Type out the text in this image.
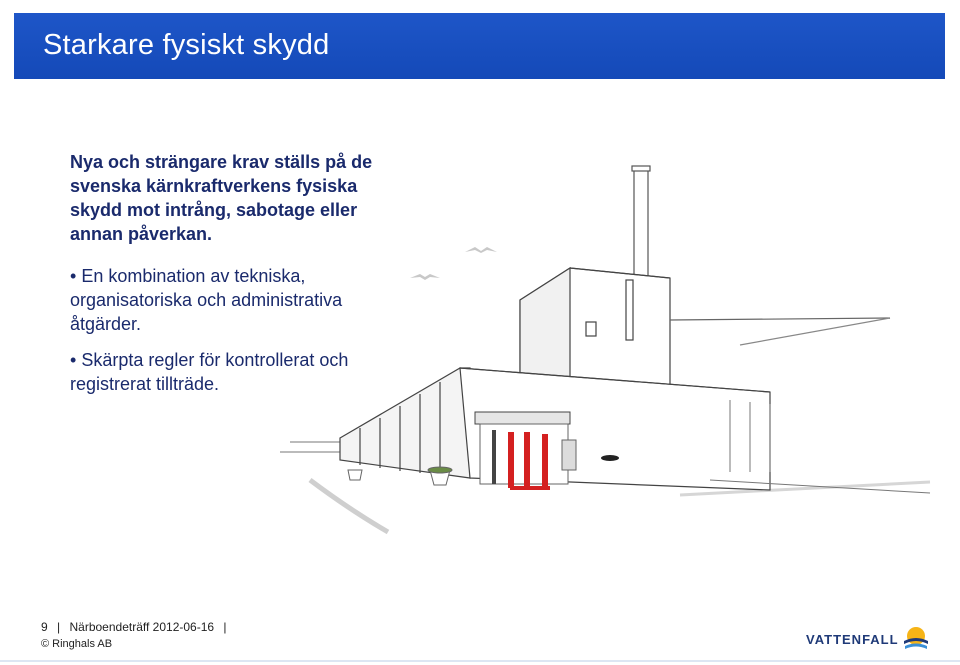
Starkare fysiskt skydd

Nya och strängare krav ställs på de svenska kärnkraftverkens fysiska skydd mot intrång, sabotage eller annan påverkan.

• En kombination av tekniska, organisatoriska och administrativa åtgärder.

• Skärpta regler för kontrollerat och registrerat tillträde.

9 | Närboendeträff 2012-06-16 |
© Ringhals AB	VATTENFALL
